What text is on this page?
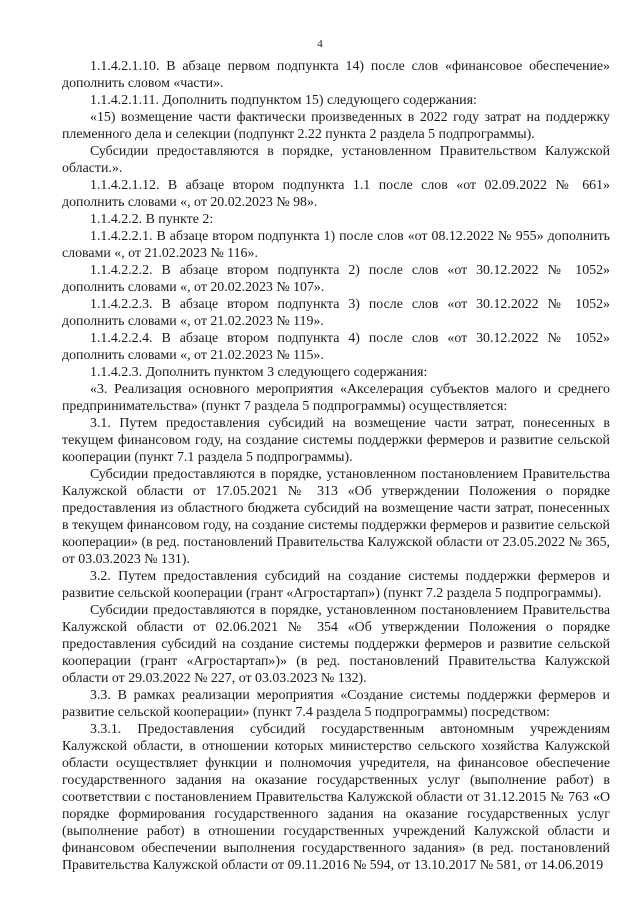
4

1.1.4.2.1.10. В абзаце первом подпункта 14) после слов «финансовое обеспечение» дополнить словом «части».

1.1.4.2.1.11. Дополнить подпунктом 15) следующего содержания:

«15) возмещение части фактически произведенных в 2022 году затрат на поддержку племенного дела и селекции (подпункт 2.22 пункта 2 раздела 5 подпрограммы).

Субсидии предоставляются в порядке, установленном Правительством Калужской области.».

1.1.4.2.1.12. В абзаце втором подпункта 1.1 после слов «от 02.09.2022 № 661» дополнить словами «, от 20.02.2023 № 98».

1.1.4.2.2. В пункте 2:

1.1.4.2.2.1. В абзаце втором подпункта 1) после слов «от 08.12.2022 № 955» дополнить словами «, от 21.02.2023 № 116».

1.1.4.2.2.2. В абзаце втором подпункта 2) после слов «от 30.12.2022 № 1052» дополнить словами «, от 20.02.2023 № 107».

1.1.4.2.2.3. В абзаце втором подпункта 3) после слов «от 30.12.2022 № 1052» дополнить словами «, от 21.02.2023 № 119».

1.1.4.2.2.4. В абзаце втором подпункта 4) после слов «от 30.12.2022 № 1052» дополнить словами «, от 21.02.2023 № 115».

1.1.4.2.3. Дополнить пунктом 3 следующего содержания:

«3. Реализация основного мероприятия «Акселерация субъектов малого и среднего предпринимательства» (пункт 7 раздела 5 подпрограммы) осуществляется:

3.1. Путем предоставления субсидий на возмещение части затрат, понесенных в текущем финансовом году, на создание системы поддержки фермеров и развитие сельской кооперации (пункт 7.1 раздела 5 подпрограммы).

Субсидии предоставляются в порядке, установленном постановлением Правительства Калужской области от 17.05.2021 № 313 «Об утверждении Положения о порядке предоставления из областного бюджета субсидий на возмещение части затрат, понесенных в текущем финансовом году, на создание системы поддержки фермеров и развитие сельской кооперации» (в ред. постановлений Правительства Калужской области от 23.05.2022 № 365, от 03.03.2023 № 131).

3.2. Путем предоставления субсидий на создание системы поддержки фермеров и развитие сельской кооперации (грант «Агростартап») (пункт 7.2 раздела 5 подпрограммы).

Субсидии предоставляются в порядке, установленном постановлением Правительства Калужской области от 02.06.2021 № 354 «Об утверждении Положения о порядке предоставления субсидий на создание системы поддержки фермеров и развитие сельской кооперации (грант «Агростартап»)» (в ред. постановлений Правительства Калужской области от 29.03.2022 № 227, от 03.03.2023 № 132).

3.3. В рамках реализации мероприятия «Создание системы поддержки фермеров и развитие сельской кооперации» (пункт 7.4 раздела 5 подпрограммы) посредством:

3.3.1. Предоставления субсидий государственным автономным учреждениям Калужской области, в отношении которых министерство сельского хозяйства Калужской области осуществляет функции и полномочия учредителя, на финансовое обеспечение государственного задания на оказание государственных услуг (выполнение работ) в соответствии с постановлением Правительства Калужской области от 31.12.2015 № 763 «О порядке формирования государственного задания на оказание государственных услуг (выполнение работ) в отношении государственных учреждений Калужской области и финансовом обеспечении выполнения государственного задания» (в ред. постановлений Правительства Калужской области от 09.11.2016 № 594, от 13.10.2017 № 581, от 14.06.2019
